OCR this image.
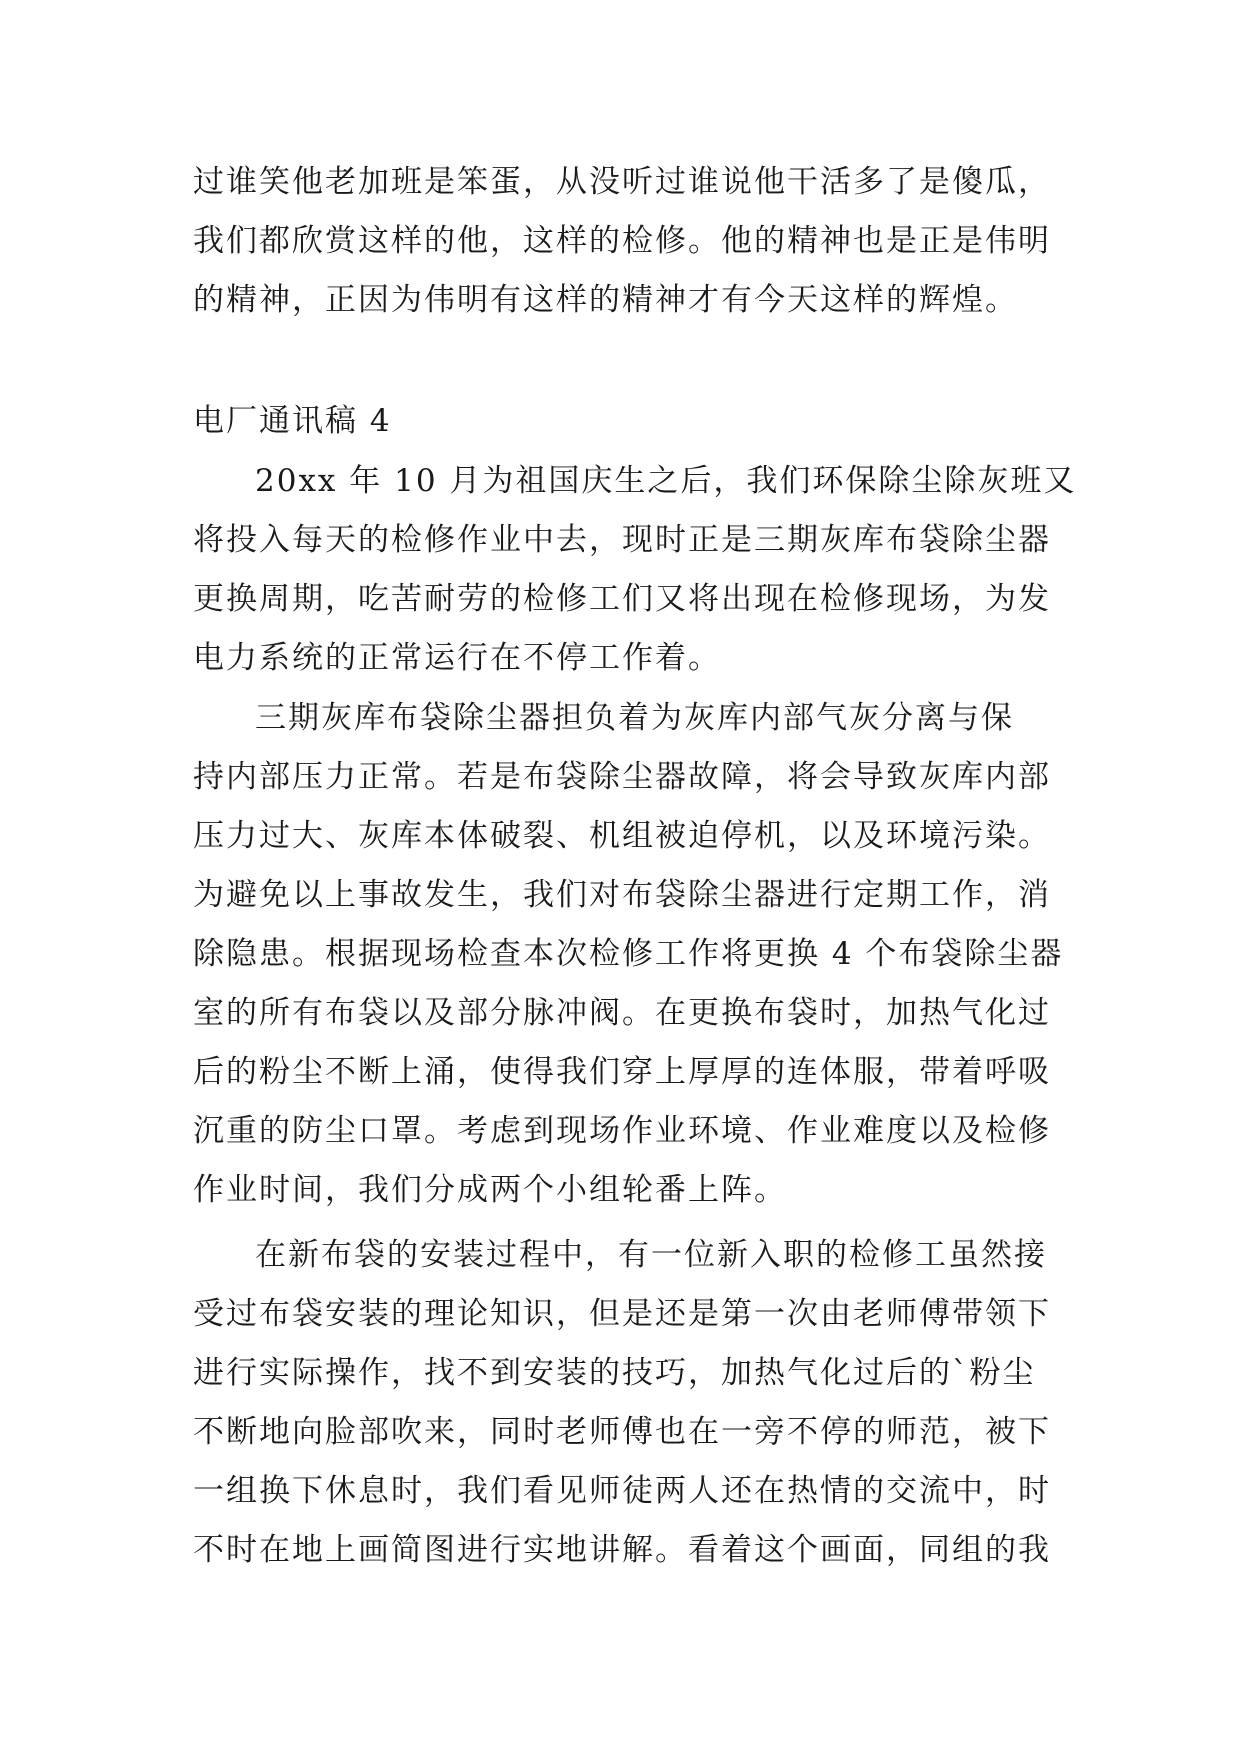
过谁笑他老加班是笨蛋，从没听过谁说他干活多了是傻瓜，
我们都欣赏这样的他，这样的检修。他的精神也是正是伟明
的精神，正因为伟明有这样的精神才有今天这样的辉煌。
电厂通讯稿 4
20xx 年 10 月为祖国庆生之后，我们环保除尘除灰班又
将投入每天的检修作业中去，现时正是三期灰库布袋除尘器
更换周期，吃苦耐劳的检修工们又将出现在检修现场，为发
电力系统的正常运行在不停工作着。
三期灰库布袋除尘器担负着为灰库内部气灰分离与保
持内部压力正常。若是布袋除尘器故障，将会导致灰库内部
压力过大、灰库本体破裂、机组被迫停机，以及环境污染。
为避免以上事故发生，我们对布袋除尘器进行定期工作，消
除隐患。根据现场检查本次检修工作将更换 4 个布袋除尘器
室的所有布袋以及部分脉冲阀。在更换布袋时，加热气化过
后的粉尘不断上涌，使得我们穿上厚厚的连体服，带着呼吸
沉重的防尘口罩。考虑到现场作业环境、作业难度以及检修
作业时间，我们分成两个小组轮番上阵。
在新布袋的安装过程中，有一位新入职的检修工虽然接
受过布袋安装的理论知识，但是还是第一次由老师傅带领下
进行实际操作，找不到安装的技巧，加热气化过后的`粉尘
不断地向脸部吹来，同时老师傅也在一旁不停的师范，被下
一组换下休息时，我们看见师徒两人还在热情的交流中，时
不时在地上画简图进行实地讲解。看着这个画面，同组的我
